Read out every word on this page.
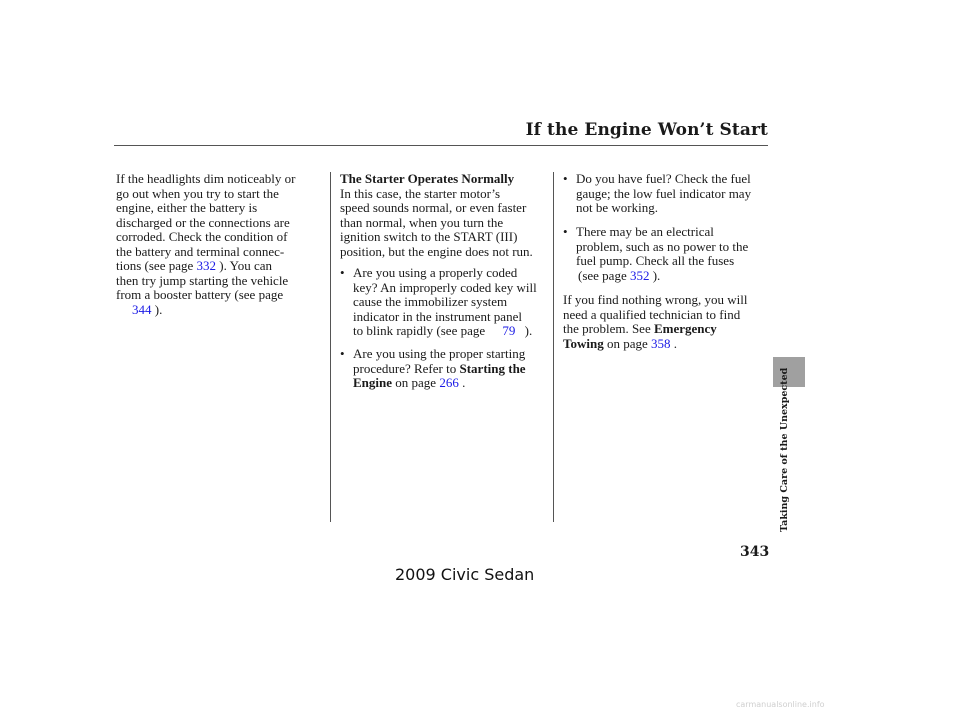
If the Engine Won’t Start
If the headlights dim noticeably or
go out when you try to start the
engine, either the battery is
discharged or the connections are
corroded. Check the condition of
the battery and terminal connec-
tions (see page 332 ). You can
then try jump starting the vehicle
from a booster battery (see page
344 ).
The Starter Operates Normally
In this case, the starter motor’s
speed sounds normal, or even faster
than normal, when you turn the
ignition switch to the START (III)
position, but the engine does not run.
• Are you using a properly coded
key? An improperly coded key will
cause the immobilizer system
indicator in the instrument panel
to blink rapidly (see page 79 ).
• Are you using the proper starting
procedure? Refer to Starting the
Engine on page 266 .
• Do you have fuel? Check the fuel
gauge; the low fuel indicator may
not be working.
• There may be an electrical
problem, such as no power to the
fuel pump. Check all the fuses
(see page 352 ).
If you find nothing wrong, you will
need a qualified technician to find
the problem. See Emergency
Towing on page 358 .
Taking Care of the Unexpected
343
2009 Civic Sedan
carmanualsonline.info
